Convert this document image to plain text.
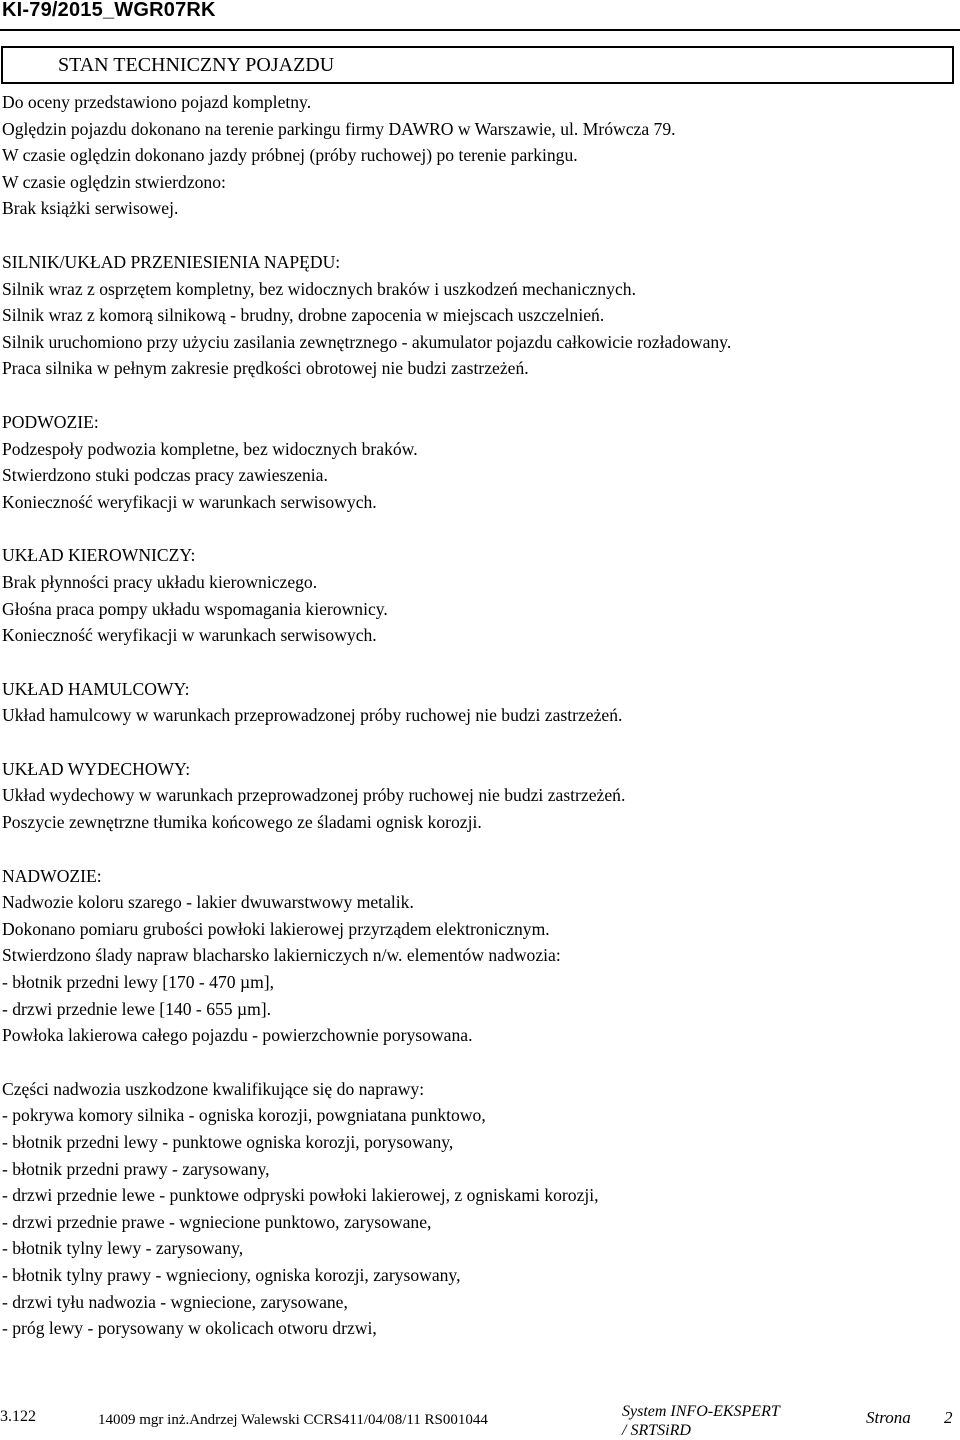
KI-79/2015_WGR07RK
STAN TECHNICZNY POJAZDU
Do oceny przedstawiono pojazd kompletny.
Oględzin pojazdu dokonano na terenie parkingu firmy DAWRO w Warszawie, ul. Mrówcza 79.
W czasie oględzin dokonano jazdy próbnej (próby ruchowej) po terenie parkingu.
W czasie oględzin stwierdzono:
Brak książki serwisowej.
SILNIK/UKŁAD PRZENIESIENIA NAPĘDU:
Silnik wraz z osprzętem kompletny, bez widocznych braków i uszkodzeń mechanicznych.
Silnik wraz z komorą silnikową - brudny, drobne zapocenia w miejscach uszczelnień.
Silnik uruchomiono przy użyciu zasilania zewnętrznego - akumulator pojazdu całkowicie rozładowany.
Praca silnika w pełnym zakresie prędkości obrotowej nie budzi zastrzeżeń.
PODWOZIE:
Podzespoły podwozia kompletne, bez widocznych braków.
Stwierdzono stuki podczas pracy zawieszenia.
Konieczność weryfikacji w warunkach serwisowych.
UKŁAD KIEROWNICZY:
Brak płynności pracy układu kierowniczego.
Głośna praca pompy układu wspomagania kierownicy.
Konieczność weryfikacji w warunkach serwisowych.
UKŁAD HAMULCOWY:
Układ hamulcowy w warunkach przeprowadzonej próby ruchowej nie budzi zastrzeżeń.
UKŁAD WYDECHOWY:
Układ wydechowy w warunkach przeprowadzonej próby ruchowej nie budzi zastrzeżeń.
Poszycie zewnętrzne tłumika końcowego ze śladami ognisk korozji.
NADWOZIE:
Nadwozie koloru szarego - lakier dwuwarstwowy metalik.
Dokonano pomiaru grubości powłoki lakierowej przyrządem elektronicznym.
Stwierdzono ślady napraw blacharsko lakierniczych n/w. elementów nadwozia:
- błotnik przedni lewy [170 - 470 µm],
- drzwi przednie lewe [140 - 655 µm].
Powłoka lakierowa całego pojazdu - powierzchownie porysowana.
Części nadwozia uszkodzone kwalifikujące się do naprawy:
- pokrywa komory silnika - ogniska korozji, powgniatana punktowo,
- błotnik przedni lewy - punktowe ogniska korozji, porysowany,
- błotnik przedni prawy - zarysowany,
- drzwi przednie lewe - punktowe odpryski powłoki lakierowej, z ogniskami korozji,
- drzwi przednie prawe - wgniecione punktowo, zarysowane,
- błotnik tylny lewy - zarysowany,
- błotnik tylny prawy - wgnieciony, ogniska korozji, zarysowany,
- drzwi tyłu nadwozia - wgniecione, zarysowane,
- próg lewy - porysowany w okolicach otworu drzwi,
3.122	14009 mgr inż.Andrzej Walewski CCRS411/04/08/11 RS001044	System INFO-EKSPERT
/ SRTSiRD
Strona 2
